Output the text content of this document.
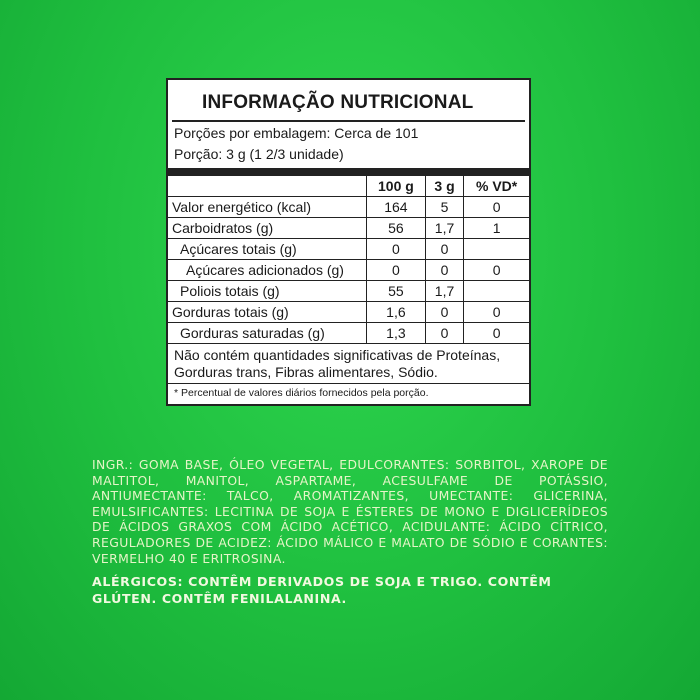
INFORMAÇÃO NUTRICIONAL
Porções por embalagem: Cerca de 101
Porção: 3 g (1 2/3 unidade)
	100 g	3 g	% VD*
Valor energético (kcal)	164	5	0
Carboidratos (g)	56	1,7	1
Açúcares totais (g)	0	0	
Açúcares adicionados (g)	0	0	0
Poliois totais (g)	55	1,7	
Gorduras totais (g)	1,6	0	0
Gorduras saturadas (g)	1,3	0	0
Não contém quantidades significativas de Proteínas, Gorduras trans, Fibras alimentares, Sódio.
* Percentual de valores diários fornecidos pela porção.
INGR.: GOMA BASE, ÓLEO VEGETAL, EDULCORANTES: SORBITOL, XAROPE DE MALTITOL, MANITOL, ASPARTAME, ACESULFAME DE POTÁSSIO, ANTIUMECTANTE: TALCO, AROMATIZANTES, UMECTANTE: GLICERINA, EMULSIFICANTES: LECITINA DE SOJA E ÉSTERES DE MONO E DIGLICERÍDEOS DE ÁCIDOS GRAXOS COM ÁCIDO ACÉTICO, ACIDULANTE: ÁCIDO CÍTRICO, REGULADORES DE ACIDEZ: ÁCIDO MÁLICO E MALATO DE SÓDIO E CORANTES: VERMELHO 40 E ERITROSINA.
ALÉRGICOS: CONTÊM DERIVADOS DE SOJA E TRIGO. CONTÊM GLÚTEN. CONTÊM FENILALANINA.
